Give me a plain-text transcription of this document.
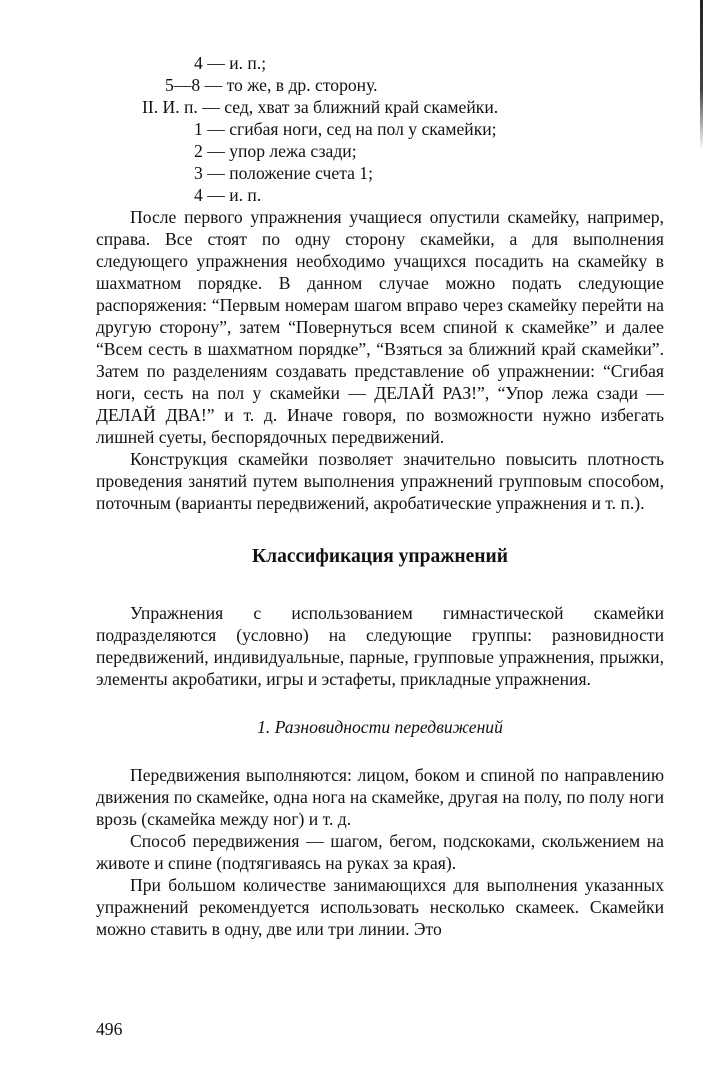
4 — и. п.;
5—8 — то же, в др. сторону.
II. И. п. — сед, хват за ближний край скамейки.
1 — сгибая ноги, сед на пол у скамейки;
2 — упор лежа сзади;
3 — положение счета 1;
4 — и. п.

После первого упражнения учащиеся опустили скамейку, например, справа. Все стоят по одну сторону скамейки, а для выполнения следующего упражнения необходимо учащихся посадить на скамейку в шахматном порядке. В данном случае можно подать следующие распоряжения: “Первым номерам шагом вправо через скамейку перейти на другую сторону”, затем “Повернуться всем спиной к скамейке” и далее “Всем сесть в шахматном порядке”, “Взяться за ближний край скамейки”. Затем по разделениям создавать представление об упражнении: “Сгибая ноги, сесть на пол у скамейки — ДЕЛАЙ РАЗ!”, “Упор лежа сзади — ДЕЛАЙ ДВА!” и т. д. Иначе говоря, по возможности нужно избегать лишней суеты, беспорядочных передвижений.

Конструкция скамейки позволяет значительно повысить плотность проведения занятий путем выполнения упражнений групповым способом, поточным (варианты передвижений, акробатические упражнения и т. п.).

Классификация упражнений

Упражнения с использованием гимнастической скамейки подразделяются (условно) на следующие группы: разновидности передвижений, индивидуальные, парные, групповые упражнения, прыжки, элементы акробатики, игры и эстафеты, прикладные упражнения.

1. Разновидности передвижений

Передвижения выполняются: лицом, боком и спиной по направлению движения по скамейке, одна нога на скамейке, другая на полу, по полу ноги врозь (скамейка между ног) и т. д.

Способ передвижения — шагом, бегом, подскоками, скольжением на животе и спине (подтягиваясь на руках за края).

При большом количестве занимающихся для выполнения указанных упражнений рекомендуется использовать несколько скамеек. Скамейки можно ставить в одну, две или три линии. Это

496
